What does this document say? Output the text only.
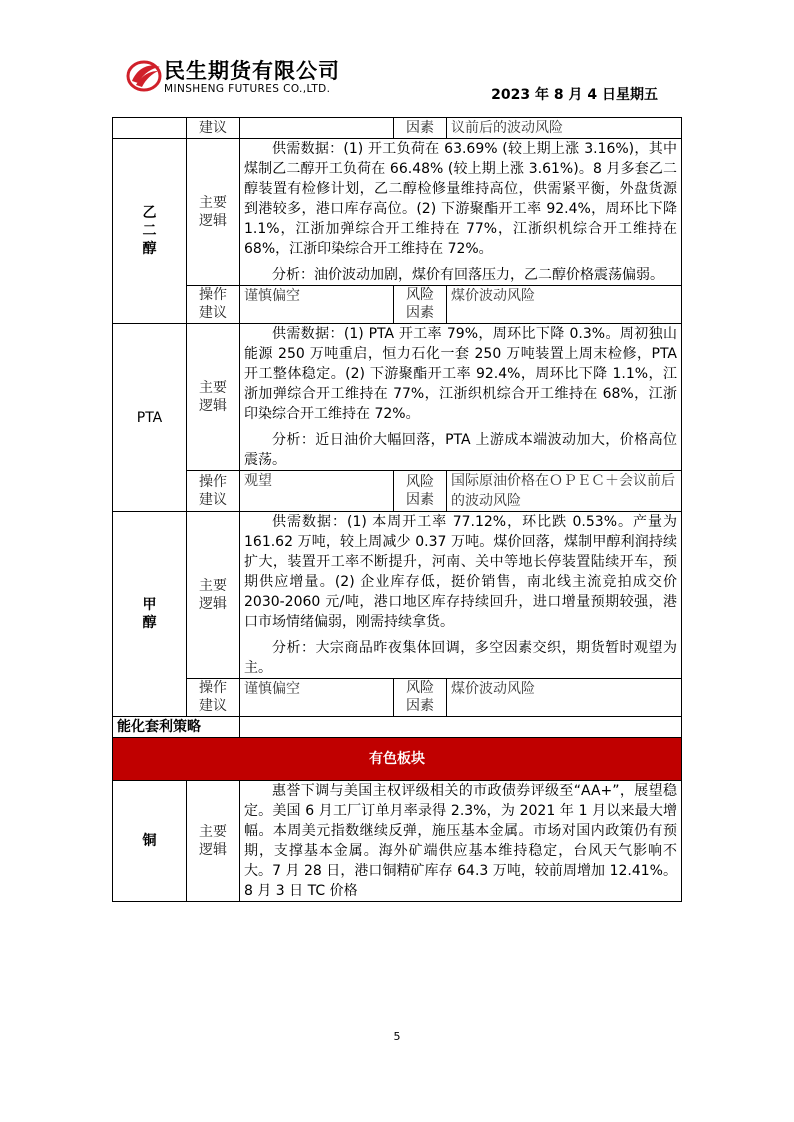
民生期货有限公司
MINSHENG FUTURES CO.,LTD.	2023 年 8 月 4 日星期五
	建议		因素	议前后的波动风险
乙二醇	主要逻辑	供需数据：(1) 开工负荷在 63.69% (较上期上涨 3.16%)，其中煤制乙二醇开工负荷在 66.48% (较上期上涨 3.61%)。8 月多套乙二醇装置有检修计划，乙二醇检修量维持高位，供需紧平衡，外盘货源到港较多，港口库存高位。(2) 下游聚酯开工率 92.4%，周环比下降 1.1%，江浙加弹综合开工维持在 77%，江浙织机综合开工维持在 68%，江浙印染综合开工维持在 72%。

分析：油价波动加剧，煤价有回落压力，乙二醇价格震荡偏弱。		

	操作建议	谨慎偏空	风险因素	煤价波动风险
PTA	主要逻辑	供需数据：(1) PTA 开工率 79%，周环比下降 0.3%。周初独山能源 250 万吨重启，恒力石化一套 250 万吨装置上周末检修，PTA 开工整体稳定。(2) 下游聚酯开工率 92.4%，周环比下降 1.1%，江浙加弹综合开工维持在 77%，江浙织机综合开工维持在 68%，江浙印染综合开工维持在 72%。

分析：近日油价大幅回落，PTA 上游成本端波动加大，价格高位震荡。		

	操作建议	观望	风险因素	国际原油价格在ＯＰＥＣ＋会议前后的波动风险
甲醇	主要逻辑	供需数据：(1) 本周开工率 77.12%，环比跌 0.53%。产量为 161.62 万吨，较上周减少 0.37 万吨。煤价回落，煤制甲醇利润持续扩大，装置开工率不断提升，河南、关中等地长停装置陆续开车，预期供应增量。(2) 企业库存低，挺价销售，南北线主流竞拍成交价 2030-2060 元/吨，港口地区库存持续回升，进口增量预期较强，港口市场情绪偏弱，刚需持续拿货。

分析：大宗商品昨夜集体回调，多空因素交织，期货暂时观望为主。		

	操作建议	谨慎偏空	风险因素	煤价波动风险
能化套利策略				
有色板块				
铜	主要逻辑	惠誉下调与美国主权评级相关的市政债券评级至“AA+”，展望稳定。美国 6 月工厂订单月率录得 2.3%，为 2021 年 1 月以来最大增幅。本周美元指数继续反弹，施压基本金属。市场对国内政策仍有预期，支撑基本金属。海外矿端供应基本维持稳定，台风天气影响不大。7 月 28 日，港口铜精矿库存 64.3 万吨，较前周增加 12.41%。8 月 3 日 TC 价格		

5
